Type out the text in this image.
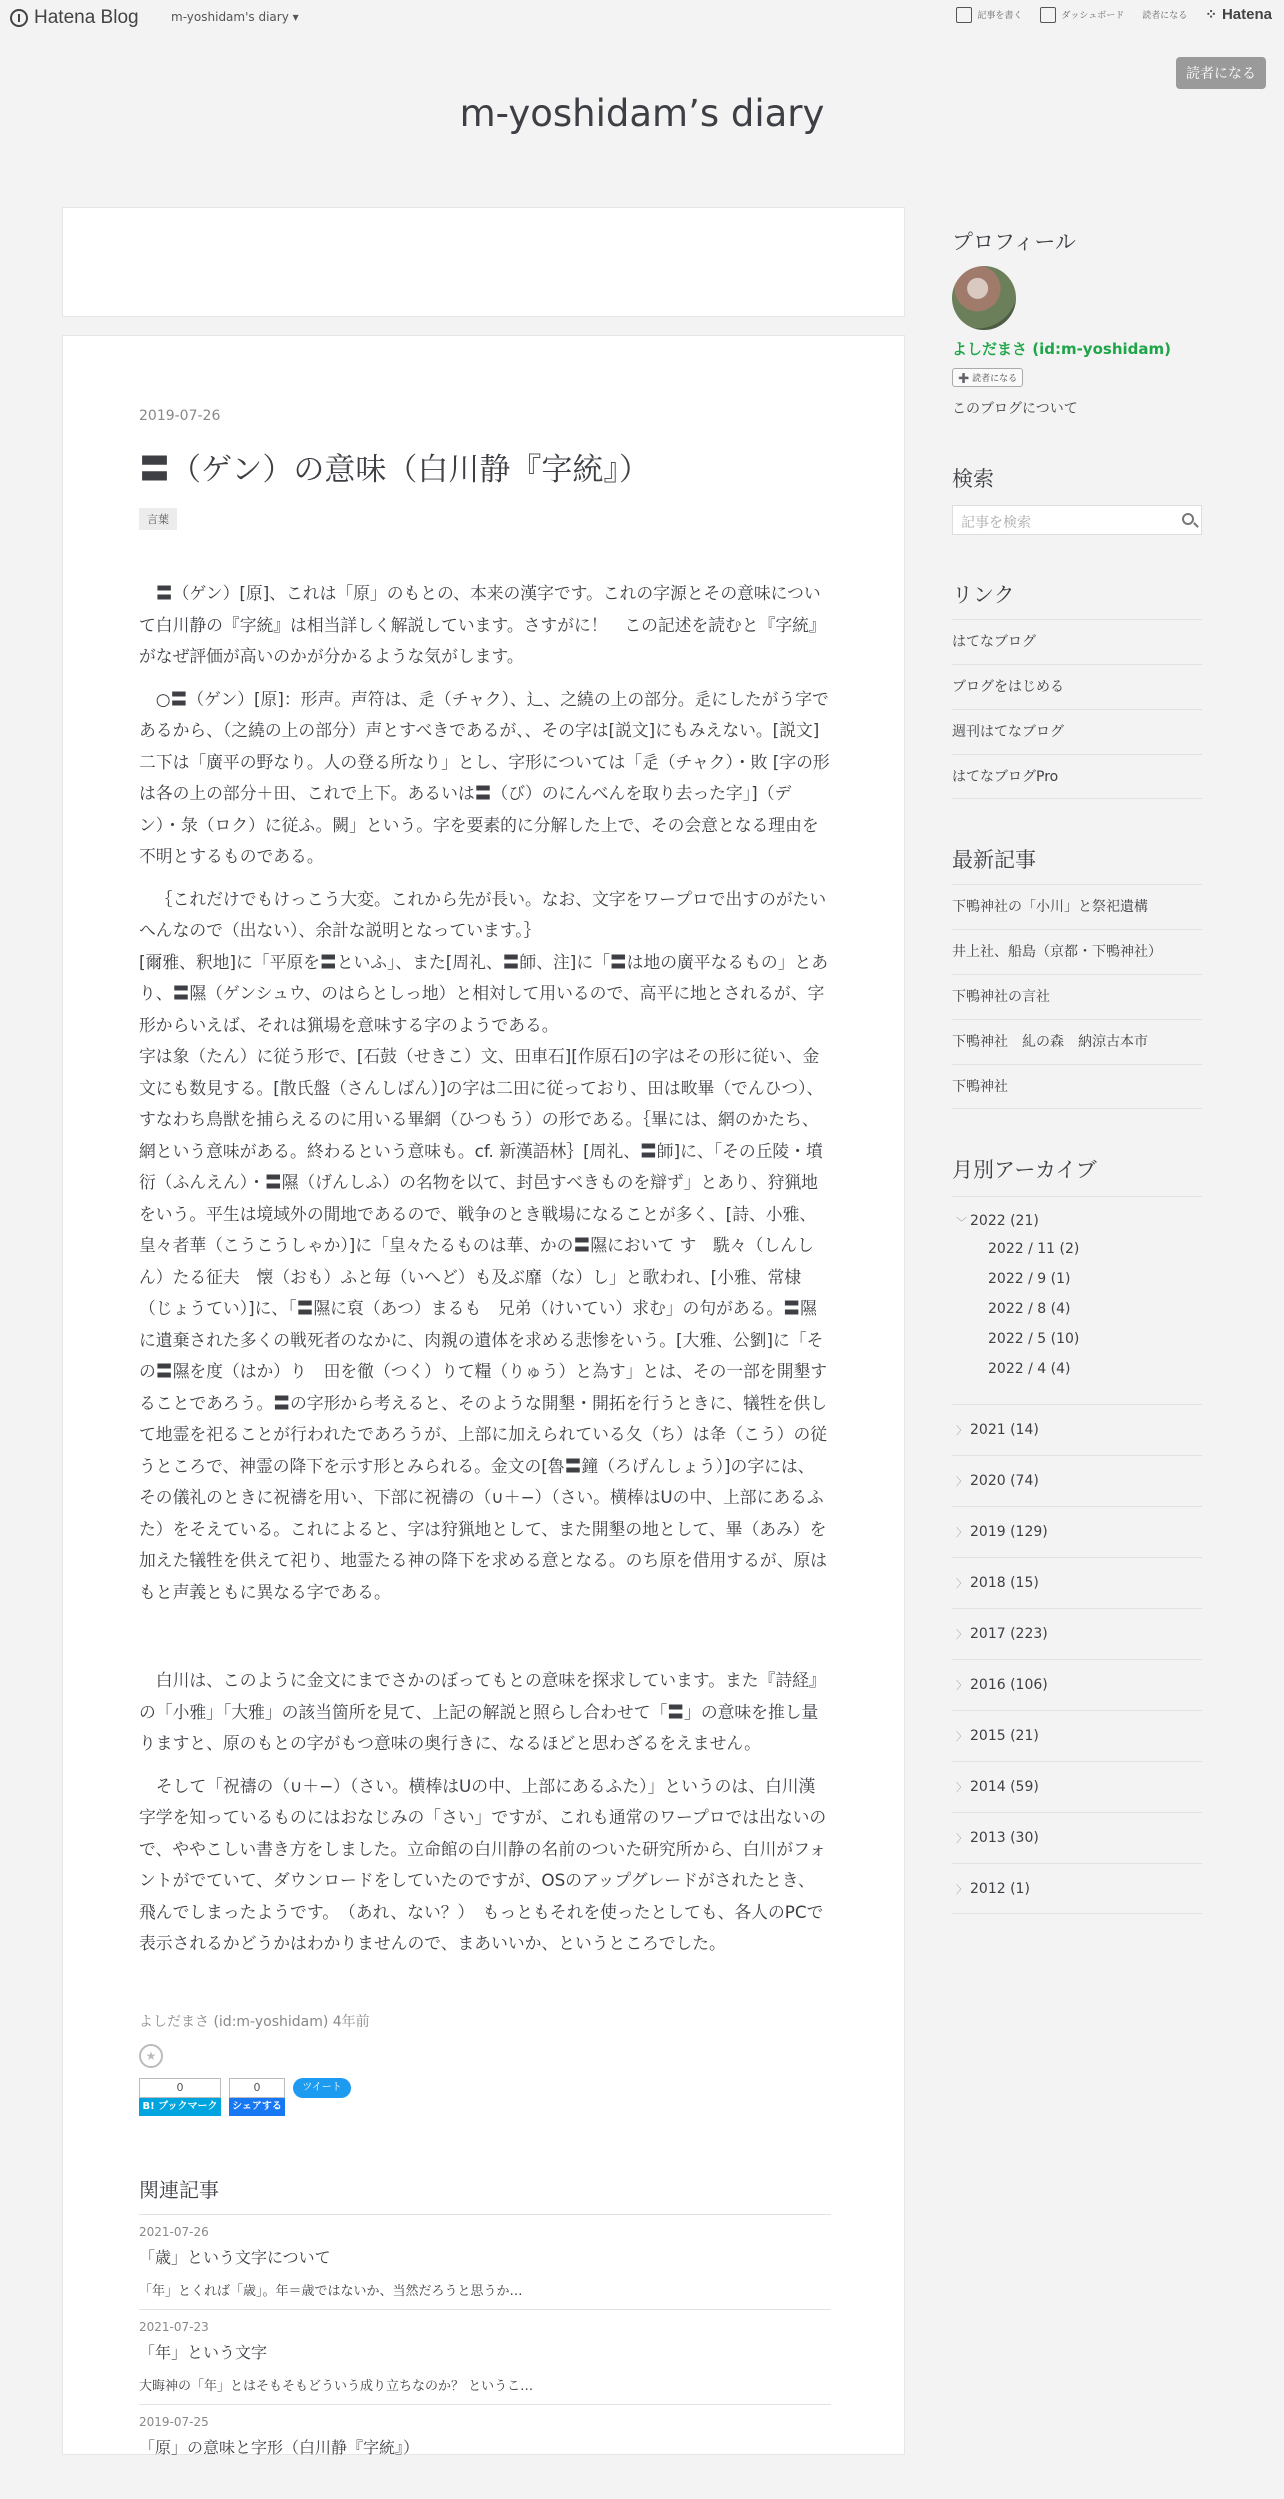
Hatena Blog	m-yoshidam's diary ▾	記事を書く	ダッシュボード 読者になる ⁘ Hatena
読者になる
m-yoshidam’s diary
2019-07-26
〓（ゲン）の意味（白川静『字統』）
言葉

〓（ゲン）[原]、これは「原」のもとの、本来の漢字です。これの字源とその意味について白川静の『字統』は相当詳しく解説しています。さすがに！　この記述を読むと『字統』がなぜ評価が高いのかが分かるような気がします。

○〓（ゲン）[原]：形声。声符は、辵（チャク）、辶、之繞の上の部分。辵にしたがう字であるから、（之繞の上の部分）声とすべきであるが、、その字は[説文]にもみえない。[説文]二下は「廣平の野なり。人の登る所なり」とし、字形については「辵（チャク）・敗 [字の形は各の上の部分＋田、これで上下。あるいは〓（び）のにんべんを取り去った字」]（デン）・彔（ロク）に従ふ。闕」という。字を要素的に分解した上で、その会意となる理由を不明とするものである。

｛これだけでもけっこう大変。これから先が長い。なお、文字をワープロで出すのがたいへんなので（出ない）、余計な説明となっています。｝

[爾雅、釈地]に「平原を〓といふ」、また[周礼、〓師、注]に「〓は地の廣平なるもの」とあり、〓隰（ゲンシュウ、のはらとしっ地）と相対して用いるので、高平に地とされるが、字形からいえば、それは猟場を意味する字のようである。

字は象（たん）に従う形で、[石鼓（せきこ）文、田車石][作原石]の字はその形に従い、金文にも数見する。[散氏盤（さんしばん）]の字は二田に従っており、田は畋畢（でんひつ）、すなわち鳥獣を捕らえるのに用いる畢網（ひつもう）の形である。｛畢には、網のかたち、網という意味がある。終わるという意味も。cf. 新漢語林｝[周礼、〓師]に、「その丘陵・墳衍（ふんえん）・〓隰（げんしふ）の名物を以て、封邑すべきものを辯ず」とあり、狩猟地をいう。平生は境域外の閒地であるので、戦争のとき戦場になることが多く、[詩、小雅、皇々者華（こうこうしゃか）]に「皇々たるものは華、かの〓隰において す　駪々（しんしん）たる征夫　懐（おも）ふと毎（いへど）も及ぶ靡（な）し」と歌われ、[小雅、常棣（じょうてい）]に、「〓隰に裒（あつ）まるも　兄弟（けいてい）求む」の句がある。〓隰に遺棄された多くの戦死者のなかに、肉親の遺体を求める悲惨をいう。[大雅、公劉]に「その〓隰を度（はか）り　田を徹（つく）りて糧（りゅう）と為す」とは、その一部を開墾することであろう。〓の字形から考えると、そのような開墾・開拓を行うときに、犠牲を供して地霊を祀ることが行われたであろうが、上部に加えられている夂（ち）は夅（こう）の従うところで、神霊の降下を示す形とみられる。金文の[魯〓鐘（ろげんしょう）]の字には、その儀礼のときに祝禱を用い、下部に祝禱の（∪＋−）（さい。横棒はUの中、上部にあるふた）をそえている。これによると、字は狩猟地として、また開墾の地として、畢（あみ）を加えた犠牲を供えて祀り、地霊たる神の降下を求める意となる。のち原を借用するが、原はもと声義ともに異なる字である。

白川は、このように金文にまでさかのぼってもとの意味を探求しています。また『詩経』の「小雅」「大雅」の該当箇所を見て、上記の解説と照らし合わせて「〓」の意味を推し量りますと、原のもとの字がもつ意味の奥行きに、なるほどと思わざるをえません。

そして「祝禱の（∪＋−）（さい。横棒はUの中、上部にあるふた）」というのは、白川漢字学を知っているものにはおなじみの「さい」ですが、これも通常のワープロでは出ないので、ややこしい書き方をしました。立命館の白川静の名前のついた研究所から、白川がフォントがでていて、ダウンロードをしていたのですが、OSのアップグレードがされたとき、飛んでしまったようです。　（あれ、ない？）　もっともそれを使ったとしても、各人のPCで表示されるかどうかはわかりませんので、まあいいか、というところでした。

よしだまさ (id:m-yoshidam) 4年前
★
0
B! ブックマーク
0
シェアする
ツイート
関連記事
2021-07-26
「歳」という文字について
「年」とくれば「歳」。年＝歳ではないか、当然だろうと思うか…
2021-07-23
「年」という文字
大晦神の「年」とはそもそもどういう成り立ちなのか？ というこ…
2019-07-25
「原」の意味と字形（白川静『字統』）
プロフィール
よしだまさ (id:m-yoshidam)
➕ 読者になる
このブログについて
検索
記事を検索
リンク
はてなブログ
ブログをはじめる
週刊はてなブログ
はてなブログPro
最新記事
下鴨神社の「小川」と祭祀遺構
井上社、船島（京都・下鴨神社）
下鴨神社の言社
下鴨神社　糺の森　納涼古本市
下鴨神社
月別アーカイブ
﹀ 2022 (21)
2022 / 11 (2)
2022 / 9 (1)
2022 / 8 (4)
2022 / 5 (10)
2022 / 4 (4)
〉 2021 (14)
〉 2020 (74)
〉 2019 (129)
〉 2018 (15)
〉 2017 (223)
〉 2016 (106)
〉 2015 (21)
〉 2014 (59)
〉 2013 (30)
〉 2012 (1)
